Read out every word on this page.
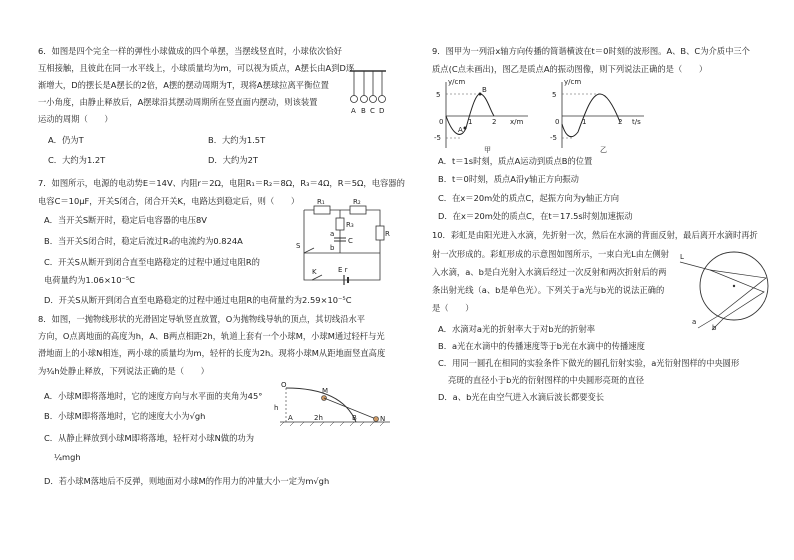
6．如图是四个完全一样的弹性小球做成的四个单摆，当摆线竖直时，小球依次恰好
互相接触，且彼此在同一水平线上，小球质量均为m，可以视为质点，A摆长由A到D逐
渐增大，D的摆长是A摆长的2倍，A摆的摆动周期为T，现将A摆球拉离平衡位置
一小角度，由静止释放后，A摆球沿其摆动周期所在竖直面内摆动，则该装置
运动的周期（　　）
A．仍为T	B．大约为1.5T
C．大约为1.2T	D．大约为2T
A B C D
7．如图所示，电源的电动势E＝14V、内阻r＝2Ω，电阻R₁＝R₂＝8Ω，R₃＝4Ω，R＝5Ω，电容器的
电容C＝10μF，开关S闭合，闭合开关K，电路达到稳定后，则（　　）
A．当开关S断开时，稳定后电容器的电压8V
B．当开关S闭合时，稳定后流过R₃的电流约为0.824A
C．开关S从断开到闭合直至电路稳定的过程中通过电阻R的
电荷量约为1.06×10⁻⁵C
D．开关S从断开到闭合直至电路稳定的过程中通过电阻R的电荷量约为2.59×10⁻⁵C
R₁	R₂
R₃
C
a
b
R
S
K	E r
8．如图，一抛物线形状的光滑固定导轨竖直放置，O为抛物线导轨的顶点，其切线沿水平
方向，O点离地面的高度为h，A、B两点相距2h，轨道上套有一个小球M，小球M通过轻杆与光
滑地面上的小球N相连，两小球的质量均为m，轻杆的长度为2h。现将小球M从距地面竖直高度
为¾h处静止释放，下列说法正确的是（　　）
A．小球M即将落地时，它的速度方向与水平面的夹角为45°
B．小球M即将落地时，它的速度大小为√gh
C．从静止释放到小球M即将落地，轻杆对小球N做的功为
¼mgh
D．若小球M落地后不反弹，则地面对小球M的作用力的冲量大小一定为m√gh
O
M
N
h
A	2h	B
9．图甲为一列沿x轴方向传播的简谐横波在t＝0时刻的波形图。A、B、C为介质中三个
质点(C点未画出)，图乙是质点A的振动图像，则下列说法正确的是（　　）
y/cm
5
-5
0	1	2 x/m
A
B
甲
y/cm
5
-5
0	1	2 t/s
乙
A．t＝1s时刻，质点A运动到质点B的位置
B．t＝0时刻，质点A沿y轴正方向振动
C．在x＝20m处的质点C，起振方向为y轴正方向
D．在x＝20m处的质点C，在t＝17.5s时刻加速振动
10．彩虹是由阳光进入水滴，先折射一次，然后在水滴的背面反射，最后离开水滴时再折
射一次形成的。彩虹形成的示意图如图所示，一束白光L由左侧射
入水滴，a、b是白光射入水滴后经过一次反射和两次折射后的两
条出射光线（a、b是单色光）。下列关于a光与b光的说法正确的
是（　　）
L
a
b
A．水滴对a光的折射率大于对b光的折射率
B．a光在水滴中的传播速度等于b光在水滴中的传播速度
C．用同一圆孔在相同的实验条件下做光的圆孔衍射实验，a光衍射图样的中央圆形
亮斑的直径小于b光的衍射图样的中央圆形亮斑的直径
D．a、b光在由空气进入水滴后波长都要变长
